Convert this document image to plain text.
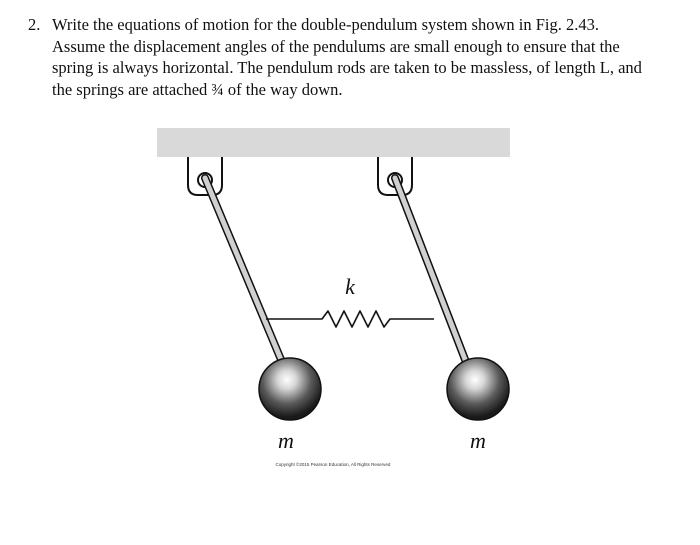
2. Write the equations of motion for the double-pendulum system shown in Fig. 2.43.
Assume the displacement angles of the pendulums are small enough to ensure that the
spring is always horizontal. The pendulum rods are taken to be massless, of length L, and
the springs are attached ¾ of the way down.
k
m	m
Copyright ©2015 Pearson Education, All Rights Reserved
